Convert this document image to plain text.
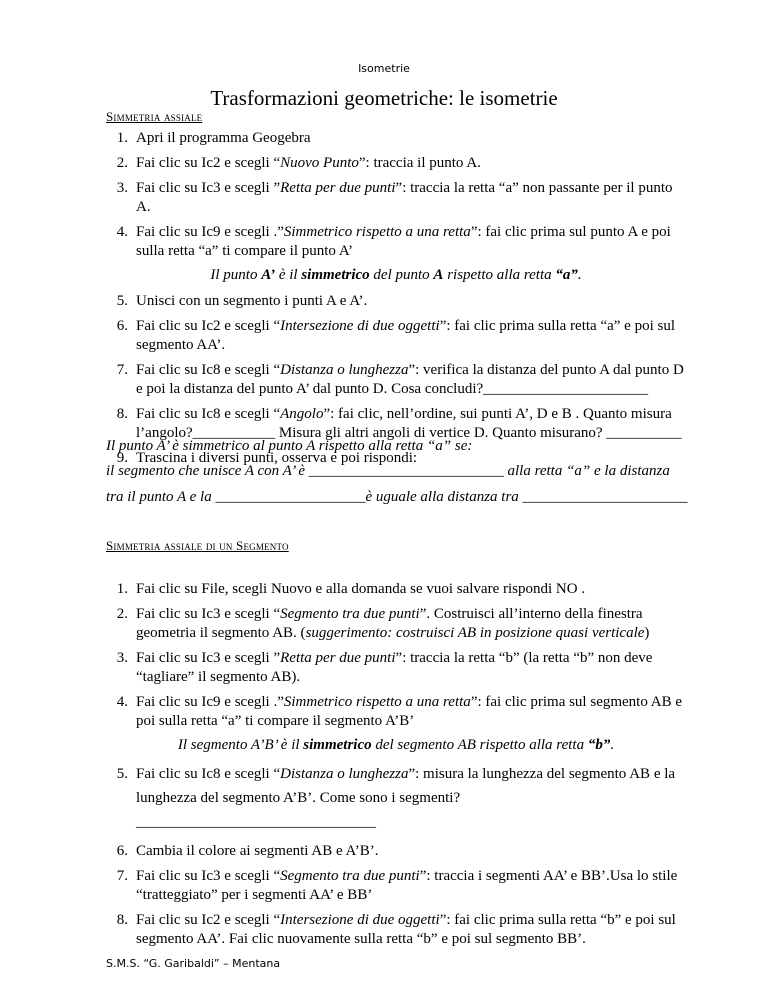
Isometrie
Trasformazioni geometriche: le isometrie
Simmetria assiale
1. Apri il programma Geogebra
2. Fai clic su Ic2 e scegli “Nuovo Punto”: traccia il punto A.
3. Fai clic su Ic3 e scegli ”Retta per due punti”: traccia la retta “a” non passante per il punto A.
4. Fai clic su Ic9 e scegli .”Simmetrico rispetto a una retta”: fai clic prima sul punto A e poi sulla retta “a” ti compare il punto A’
Il punto A’ è il simmetrico del punto A rispetto alla retta “a”.
5. Unisci con un segmento i punti A e A’.
6. Fai clic su Ic2 e scegli “Intersezione di due oggetti”: fai clic prima sulla retta “a” e poi sul segmento AA’.
7. Fai clic su Ic8 e scegli “Distanza o lunghezza”: verifica la distanza del punto A dal punto D e poi la distanza del punto A’ dal punto D. Cosa concludi?______________________
8. Fai clic su Ic8 e scegli “Angolo”: fai clic, nell’ordine, sui punti A’, D e B . Quanto misura l’angolo?___________ Misura gli altri angoli di vertice D. Quanto misurano? __________
9. Trascina i diversi punti, osserva e poi rispondi:
Il punto A’ è simmetrico al punto A rispetto alla retta “a” se:
il segmento che unisce A con A’ è __________________________ alla retta “a” e la distanza
tra il punto A e la ____________________è uguale alla distanza tra ______________________
Simmetria assiale di un Segmento
1. Fai clic su File, scegli Nuovo e alla domanda se vuoi salvare rispondi NO .
2. Fai clic su Ic3 e scegli “Segmento tra due punti”. Costruisci all’interno della finestra geometria il segmento AB. (suggerimento: costruisci AB in posizione quasi verticale)
3. Fai clic su Ic3 e scegli ”Retta per due punti”: traccia la retta “b” (la retta “b” non deve “tagliare” il segmento AB).
4. Fai clic su Ic9 e scegli .”Simmetrico rispetto a una retta”: fai clic prima sul segmento AB e poi sulla retta “a” ti compare il segmento A’B’
Il segmento A’B’ è il simmetrico del segmento AB rispetto alla retta “b”.
5. Fai clic su Ic8 e scegli “Distanza o lunghezza”: misura la lunghezza del segmento AB e la lunghezza del segmento A’B’. Come sono i segmenti?________________________________
6. Cambia il colore ai segmenti AB e A’B’.
7. Fai clic su Ic3 e scegli “Segmento tra due punti”: traccia i segmenti AA’ e BB’.Usa lo stile “tratteggiato” per i segmenti AA’ e BB’
8. Fai clic su Ic2 e scegli “Intersezione di due oggetti”: fai clic prima sulla retta “b” e poi sul segmento AA’. Fai clic nuovamente sulla retta “b” e poi sul segmento BB’.
S.M.S. “G. Garibaldi” – Mentana
